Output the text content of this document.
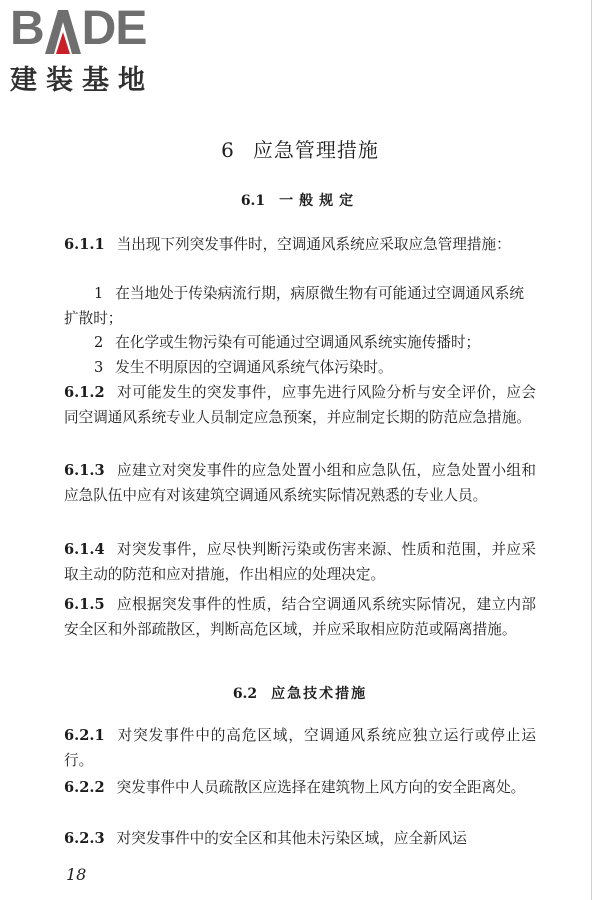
B DE
建装基地
6 应急管理措施
6.1 一般规定
6.1.1 当出现下列突发事件时，空调通风系统应采取应急管理措施：
1 在当地处于传染病流行期，病原微生物有可能通过空调通风系统扩散时；
2 在化学或生物污染有可能通过空调通风系统实施传播时；
3 发生不明原因的空调通风系统气体污染时。
6.1.2 对可能发生的突发事件，应事先进行风险分析与安全评价，应会同空调通风系统专业人员制定应急预案，并应制定长期的防范应急措施。
6.1.3 应建立对突发事件的应急处置小组和应急队伍，应急处置小组和应急队伍中应有对该建筑空调通风系统实际情况熟悉的专业人员。
6.1.4 对突发事件，应尽快判断污染或伤害来源、性质和范围，并应采取主动的防范和应对措施，作出相应的处理决定。
6.1.5 应根据突发事件的性质，结合空调通风系统实际情况，建立内部安全区和外部疏散区，判断高危区域，并应采取相应防范或隔离措施。
6.2 应急技术措施
6.2.1 对突发事件中的高危区域，空调通风系统应独立运行或停止运行。
6.2.2 突发事件中人员疏散区应选择在建筑物上风方向的安全距离处。
6.2.3 对突发事件中的安全区和其他未污染区域，应全新风运
18
